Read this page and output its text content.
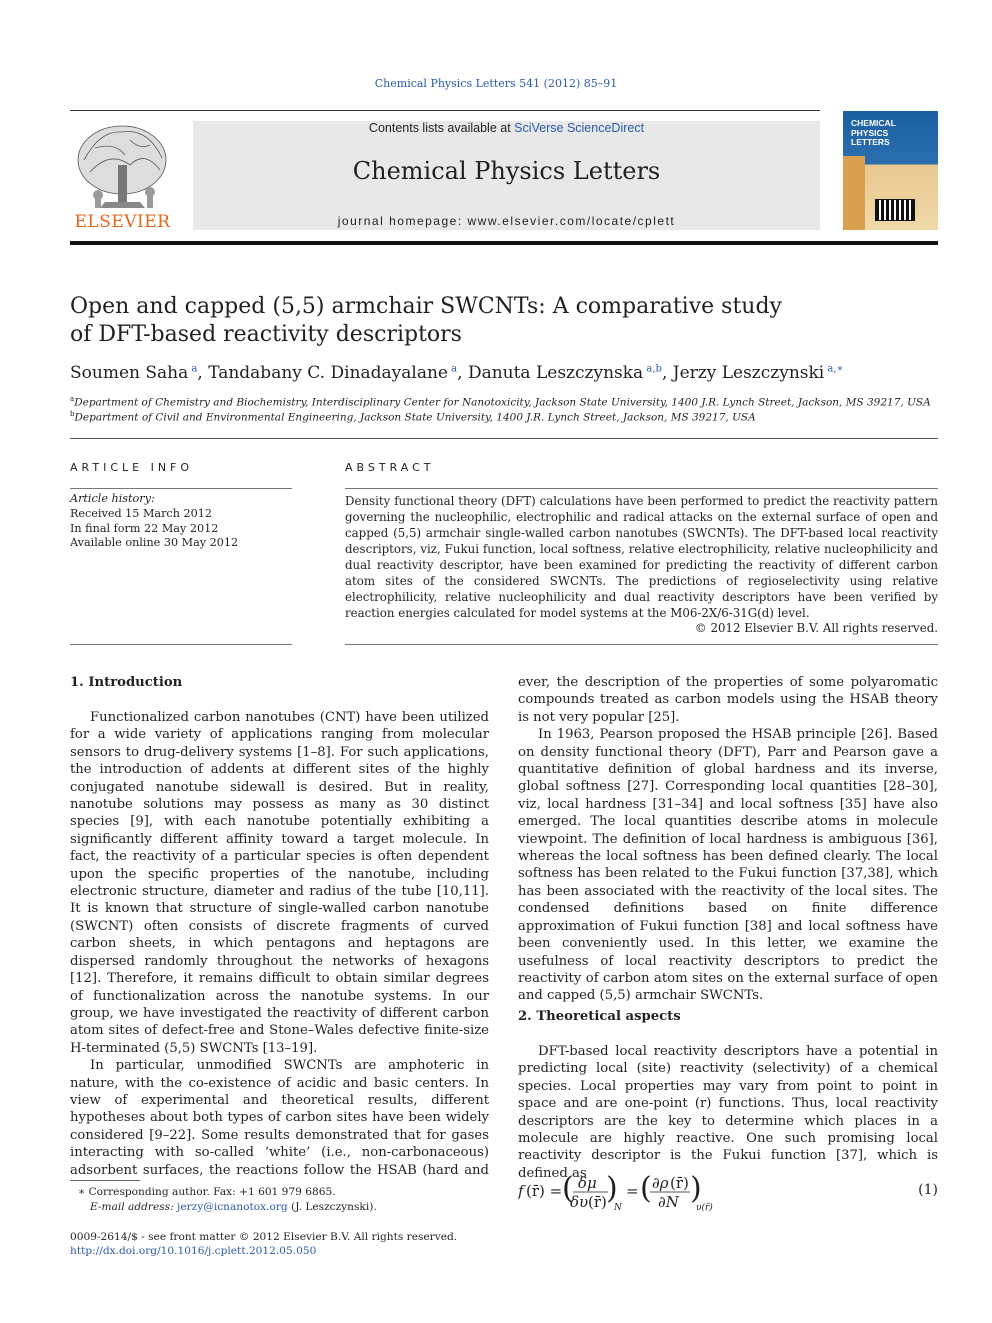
Chemical Physics Letters 541 (2012) 85–91
ELSEVIER
Contents lists available at SciVerse ScienceDirect
Chemical Physics Letters
journal homepage: www.elsevier.com/locate/cplett
CHEMICAL
PHYSICS
LETTERS
Open and capped (5,5) armchair SWCNTs: A comparative study
of DFT-based reactivity descriptors
Soumen Saha $^a$, Tandabany C. Dinadayalane $^a$, Danuta Leszczynska $^{a,b}$, Jerzy Leszczynski $^{a,∗}$
$^a$Department of Chemistry and Biochemistry, Interdisciplinary Center for Nanotoxicity, Jackson State University, 1400 J.R. Lynch Street, Jackson, MS 39217, USA
$^b$Department of Civil and Environmental Engineering, Jackson State University, 1400 J.R. Lynch Street, Jackson, MS 39217, USA
ARTICLE INFO
Article history:
Received 15 March 2012
In final form 22 May 2012
Available online 30 May 2012
ABSTRACT
Density functional theory (DFT) calculations have been performed to predict the reactivity pattern governing the nucleophilic, electrophilic and radical attacks on the external surface of open and capped (5,5) armchair single-walled carbon nanotubes (SWCNTs). The DFT-based local reactivity descriptors, viz, Fukui function, local softness, relative electrophilicity, relative nucleophilicity and dual reactivity descriptor, have been examined for predicting the reactivity of different carbon atom sites of the considered SWCNTs. The predictions of regioselectivity using relative electrophilicity, relative nucleophilicity and dual reactivity descriptors have been verified by reaction energies calculated for model systems at the M06-2X/6-31G(d) level.
© 2012 Elsevier B.V. All rights reserved.
1. Introduction

Functionalized carbon nanotubes (CNT) have been utilized for a wide variety of applications ranging from molecular sensors to drug-delivery systems [1–8]. For such applications, the introduction of addents at different sites of the highly conjugated nanotube sidewall is desired. But in reality, nanotube solutions may possess as many as 30 distinct species [9], with each nanotube potentially exhibiting a significantly different affinity toward a target molecule. In fact, the reactivity of a particular species is often dependent upon the specific properties of the nanotube, including electronic structure, diameter and radius of the tube [10,11]. It is known that structure of single-walled carbon nanotube (SWCNT) often consists of discrete fragments of curved carbon sheets, in which pentagons and heptagons are dispersed randomly throughout the networks of hexagons [12]. Therefore, it remains difficult to obtain similar degrees of functionalization across the nanotube systems. In our group, we have investigated the reactivity of different carbon atom sites of defect-free and Stone–Wales defective finite-size H-terminated (5,5) SWCNTs [13–19].

In particular, unmodified SWCNTs are amphoteric in nature, with the co-existence of acidic and basic centers. In view of experimental and theoretical results, different hypotheses about both types of carbon sites have been widely considered [9–22]. Some results demonstrated that for gases interacting with so-called ‘white’ (i.e., non-carbonaceous) adsorbent surfaces, the reactions follow the HSAB (hard and

ever, the description of the properties of some polyaromatic compounds treated as carbon models using the HSAB theory is not very popular [25].

In 1963, Pearson proposed the HSAB principle [26]. Based on density functional theory (DFT), Parr and Pearson gave a quantitative definition of global hardness and its inverse, global softness [27]. Corresponding local quantities [28–30], viz, local hardness [31–34] and local softness [35] have also emerged. The local quantities describe atoms in molecule viewpoint. The definition of local hardness is ambiguous [36], whereas the local softness has been defined clearly. The local softness has been related to the Fukui function [37,38], which has been associated with the reactivity of the local sites. The condensed definitions based on finite difference approximation of Fukui function [38] and local softness have been conveniently used. In this letter, we examine the usefulness of local reactivity descriptors to predict the reactivity of carbon atom sites on the external surface of open and capped (5,5) armchair SWCNTs.

2. Theoretical aspects

DFT-based local reactivity descriptors have a potential in predicting local (site) reactivity (selectivity) of a chemical species. Local properties may vary from point to point in space and are one-point (r) functions. Thus, local reactivity descriptors are the key to determine which places in a molecule are highly reactive. One such promising local reactivity descriptor is the Fukui function [37], which is defined as

f (r̄) = ( δμ
δυ (r̄) )
N
= ( ∂ρ (r̄)
∂N )
υ(r̄)
(1)
∗ Corresponding author. Fax: +1 601 979 6865.
E-mail address: jerzy@icnanotox.org (J. Leszczynski).
0009-2614/$ - see front matter © 2012 Elsevier B.V. All rights reserved.
http://dx.doi.org/10.1016/j.cplett.2012.05.050
